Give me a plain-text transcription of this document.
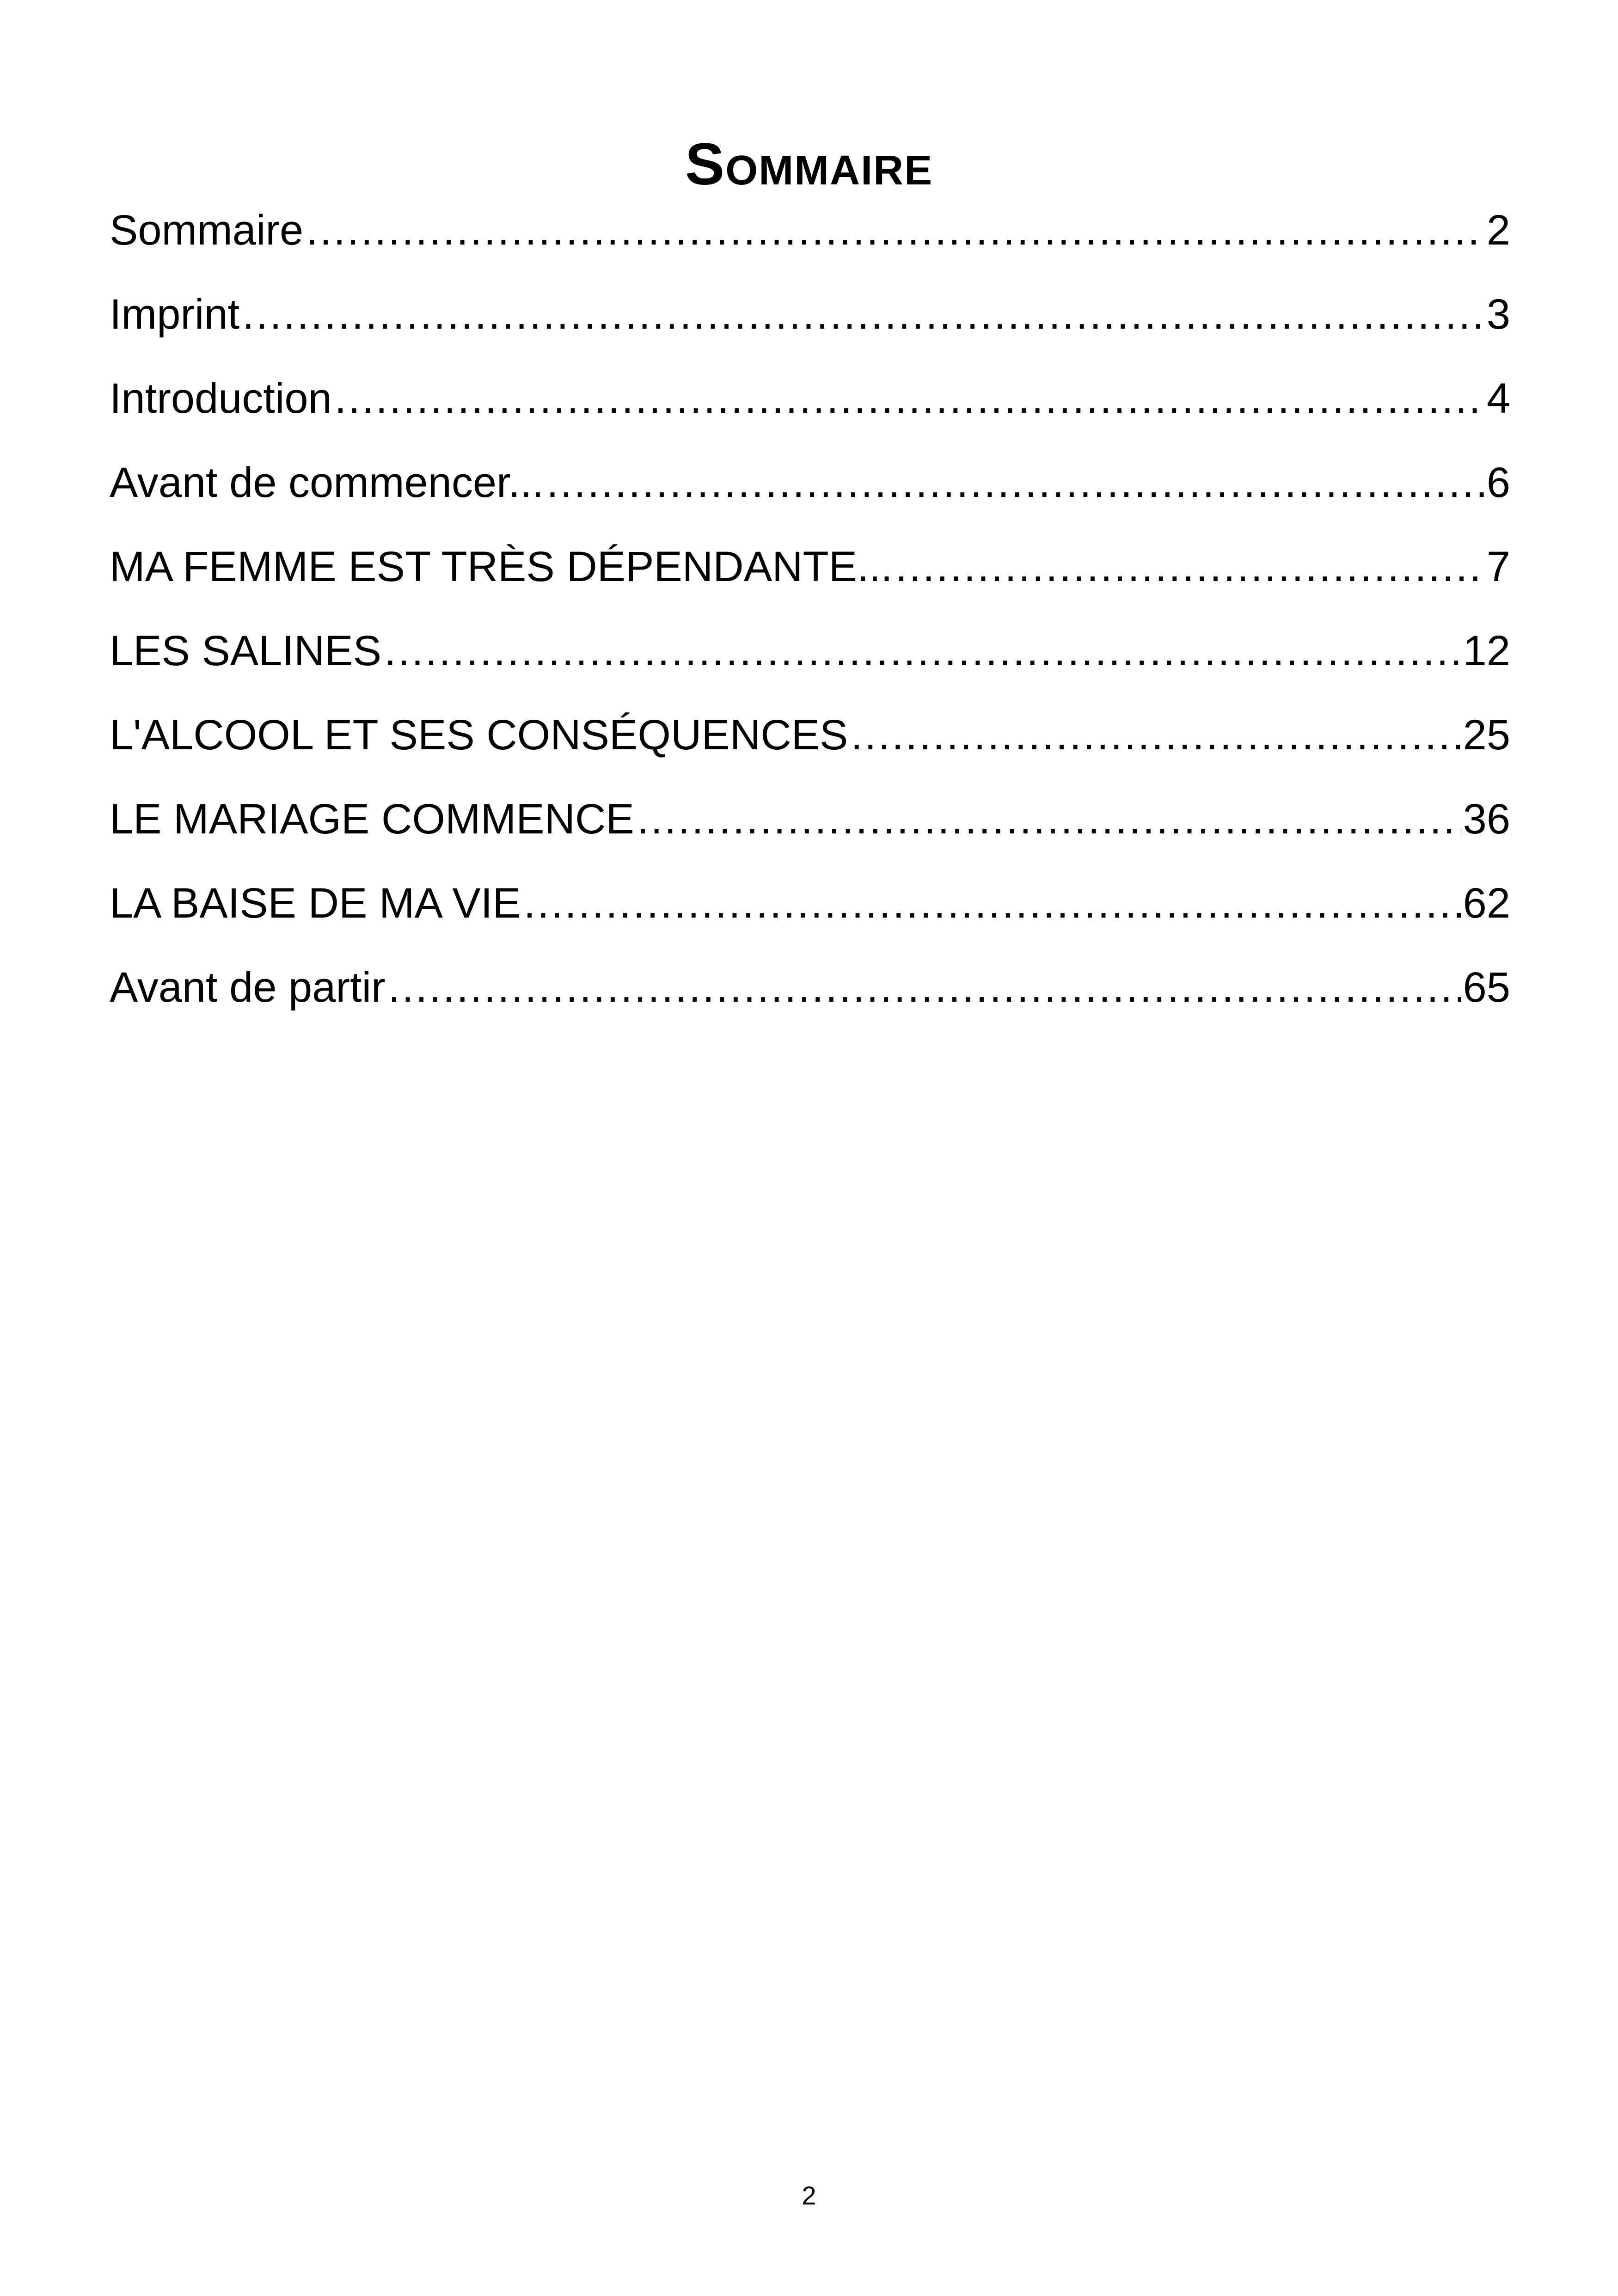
Sommaire
Sommaire .....	2
Imprint .....	3
Introduction .....	4
Avant de commencer... .....	6
MA FEMME EST TRÈS DÉPENDANTE... .....	7
LES SALINES .....	12
L'ALCOOL ET SES CONSÉQUENCES .....	25
LE MARIAGE COMMENCE .....	36
LA BAISE DE MA VIE .....	62
Avant de partir .....	65
2
